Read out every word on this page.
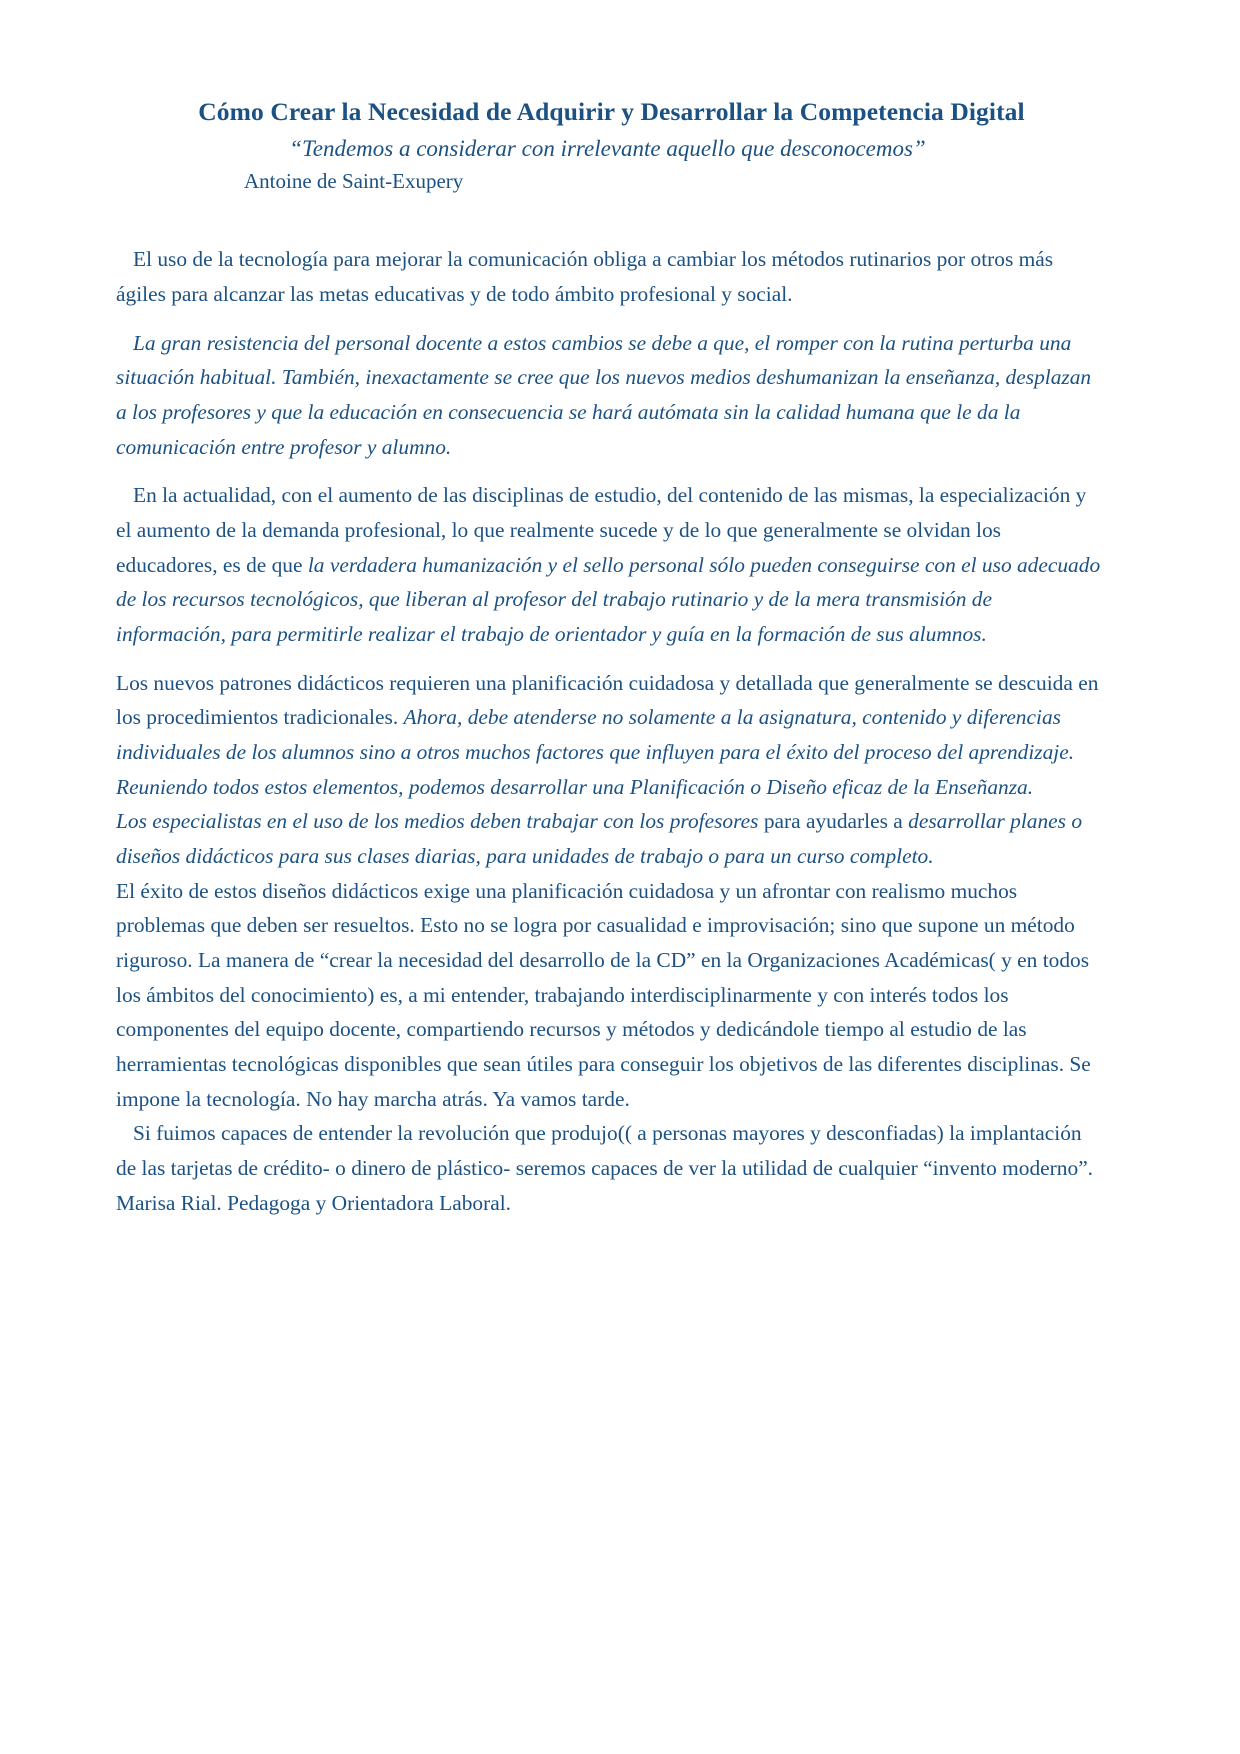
Cómo Crear la Necesidad de Adquirir y Desarrollar la Competencia Digital
“Tendemos a considerar con irrelevante aquello que desconocemos”
Antoine de Saint-Exupery

El uso de la tecnología para mejorar la comunicación obliga a cambiar los métodos rutinarios por otros más ágiles para alcanzar las metas educativas y de todo ámbito profesional y social.

La gran resistencia del personal docente a estos cambios se debe a que, el romper con la rutina perturba una situación habitual. También, inexactamente se cree que los nuevos medios deshumanizan la enseñanza, desplazan a los profesores y que la educación en consecuencia se hará autómata sin la calidad humana que le da la comunicación entre profesor y alumno.

En la actualidad, con el aumento de las disciplinas de estudio, del contenido de las mismas, la especialización y el aumento de la demanda profesional, lo que realmente sucede y de lo que generalmente se olvidan los educadores, es de que la verdadera humanización y el sello personal sólo pueden conseguirse con el uso adecuado de los recursos tecnológicos, que liberan al profesor del trabajo rutinario y de la mera transmisión de información, para permitirle realizar el trabajo de orientador y guía en la formación de sus alumnos.

Los nuevos patrones didácticos requieren una planificación cuidadosa y detallada que generalmente se descuida en los procedimientos tradicionales. Ahora, debe atenderse no solamente a la asignatura, contenido y diferencias individuales de los alumnos sino a otros muchos factores que influyen para el éxito del proceso del aprendizaje. Reuniendo todos estos elementos, podemos desarrollar una Planificación o Diseño eficaz de la Enseñanza.

Los especialistas en el uso de los medios deben trabajar con los profesores para ayudarles a desarrollar planes o diseños didácticos para sus clases diarias, para unidades de trabajo o para un curso completo.

El éxito de estos diseños didácticos exige una planificación cuidadosa y un afrontar con realismo muchos problemas que deben ser resueltos. Esto no se logra por casualidad e improvisación; sino que supone un método riguroso. La manera de “crear la necesidad del desarrollo de la CD” en la Organizaciones Académicas( y en todos los ámbitos del conocimiento) es, a mi entender, trabajando interdisciplinarmente y con interés todos los componentes del equipo docente, compartiendo recursos y métodos y dedicándole tiempo al estudio de las herramientas tecnológicas disponibles que sean útiles para conseguir los objetivos de las diferentes disciplinas. Se impone la tecnología. No hay marcha atrás. Ya vamos tarde.

Si fuimos capaces de entender la revolución que produjo(( a personas mayores y desconfiadas) la implantación de las tarjetas de crédito- o dinero de plástico- seremos capaces de ver la utilidad de cualquier “invento moderno”.

Marisa Rial. Pedagoga y Orientadora Laboral.
